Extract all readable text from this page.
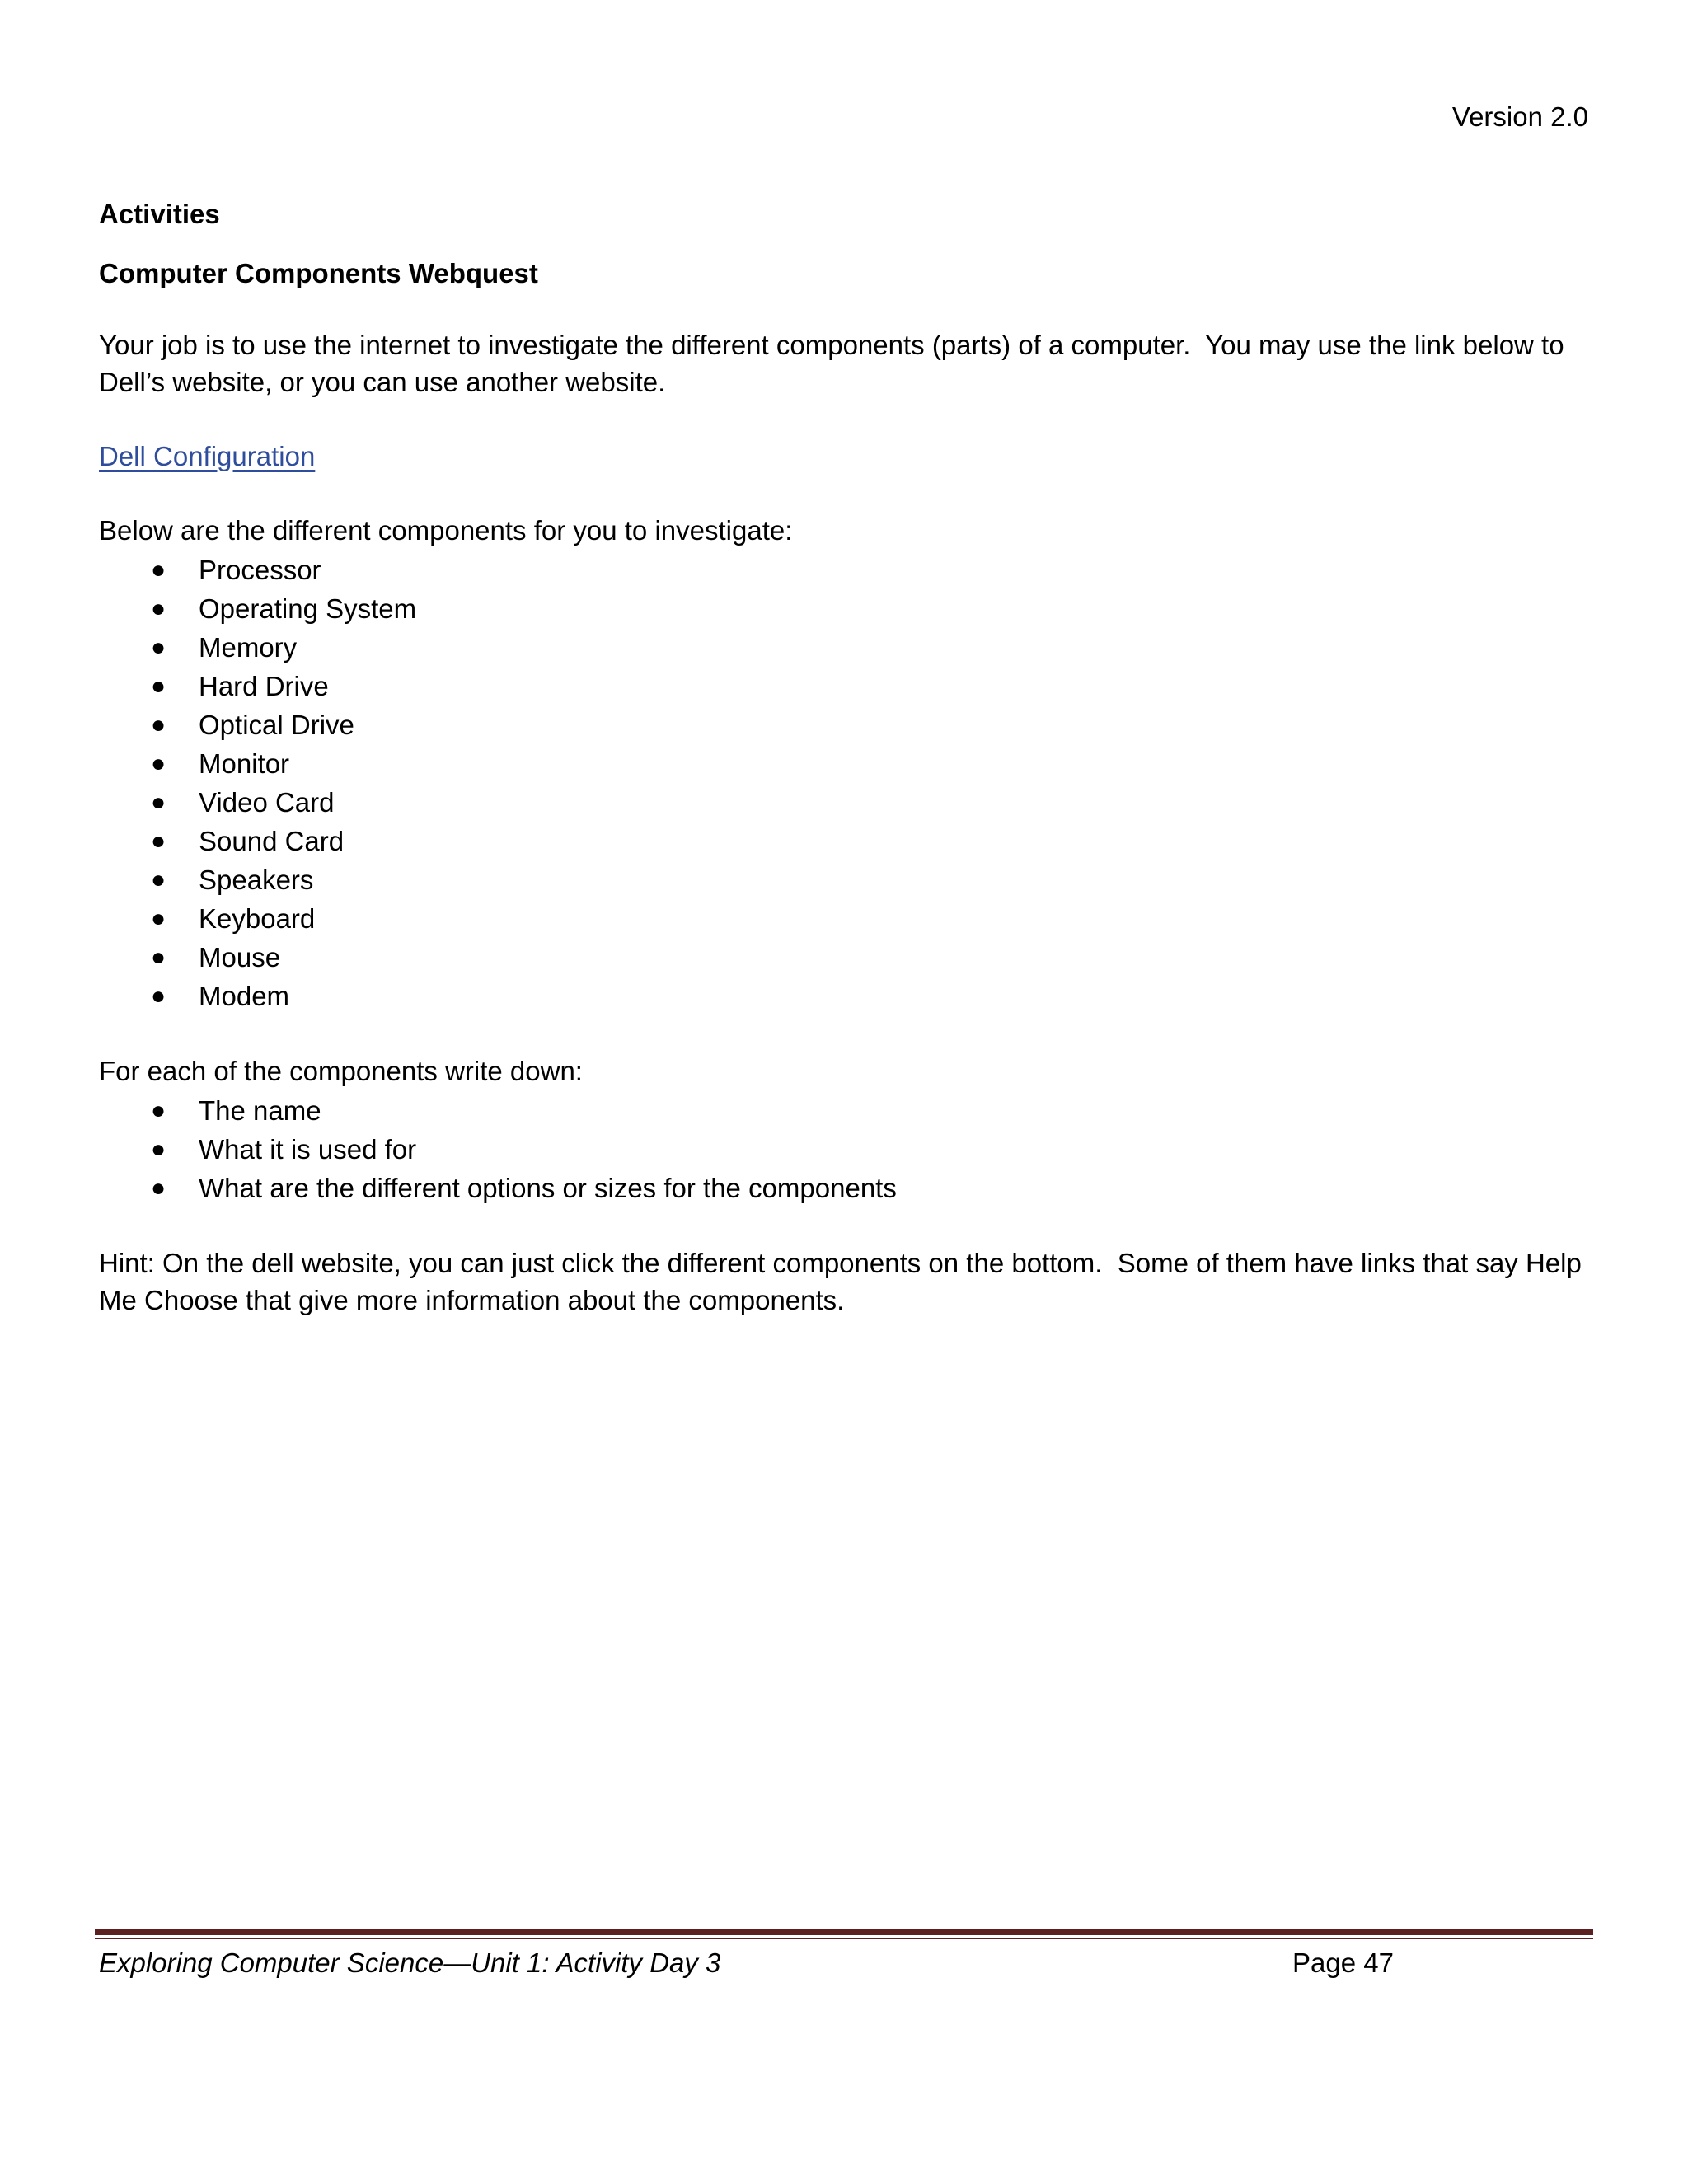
Version 2.0

Activities

Computer Components Webquest

Your job is to use the internet to investigate the different components (parts) of a computer.  You may use the link below to Dell’s website, or you can use another website.

Dell Configuration

Below are the different components for you to investigate:

● Processor
● Operating System
● Memory
● Hard Drive
● Optical Drive
● Monitor
● Video Card
● Sound Card
● Speakers
● Keyboard
● Mouse
● Modem

For each of the components write down:

● The name
● What it is used for
● What are the different options or sizes for the components

Hint: On the dell website, you can just click the different components on the bottom.  Some of them have links that say Help Me Choose that give more information about the components.

Exploring Computer Science—Unit 1: Activity Day 3	Page 47
